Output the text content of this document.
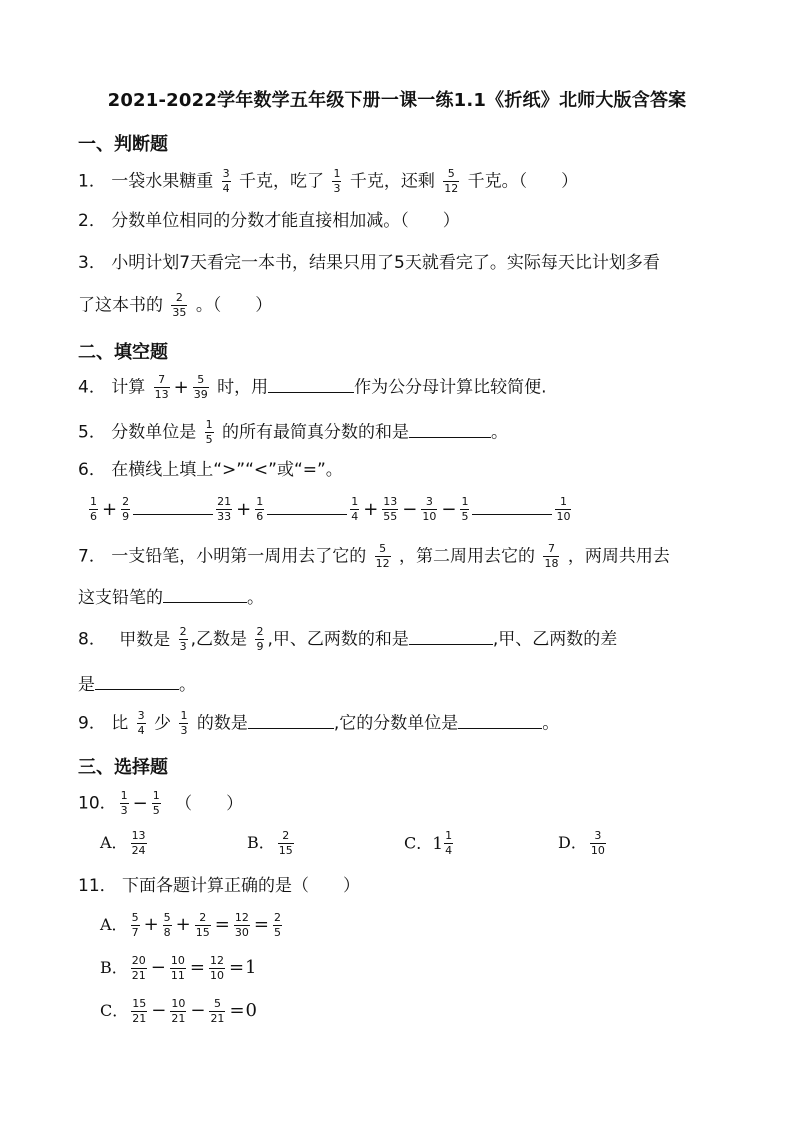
2021-2022学年数学五年级下册一课一练1.1《折纸》北师大版含答案
一、判断题
1． 一袋水果糖重 $\frac{3}{4}$ 千克，吃了 $\frac{1}{3}$ 千克，还剩 $\frac{5}{12}$ 千克。（　　）
2． 分数单位相同的分数才能直接相加减。（　　）
3． 小明计划7天看完一本书，结果只用了5天就看完了。实际每天比计划多看
了这本书的 $\frac{2}{35}$ 。（　　）
二、填空题
4． 计算 $\frac{7}{13} + \frac{5}{39}$ 时，用	作为公分母计算比较简便.
5． 分数单位是 $\frac{1}{5}$ 的所有最简真分数的和是	。
6． 在横线上填上“>”“<”或“=”。
$\frac{1}{6} + \frac{2}{9}$	$\frac{21}{33} + \frac{1}{6}$	$\frac{1}{4} + \frac{13}{55} - \frac{3}{10} - \frac{1}{5}$	$\frac{1}{10}$
7． 一支铅笔，小明第一周用去了它的 $\frac{5}{12}$ ，第二周用去它的 $\frac{7}{18}$ ，两周共用去
这支铅笔的	。
8． 甲数是 $\frac{2}{3}$ ,乙数是 $\frac{2}{9}$ ,甲、乙两数的和是	,甲、乙两数的差
是	。
9． 比 $\frac{3}{4}$ 少 $\frac{1}{3}$ 的数是	,它的分数单位是	。
三、选择题
10． $\frac{1}{3} - \frac{1}{5}$ （　　）
A． $\frac{13}{24}$	B． $\frac{2}{15}$	C． $1 \frac{1}{4}$	D． $\frac{3}{10}$
11． 下面各题计算正确的是（　　）
A． $\frac{5}{7} + \frac{5}{8} + \frac{2}{15} = \frac{12}{30} = \frac{2}{5}$
B． $\frac{20}{21} - \frac{10}{11} = \frac{12}{10} =1$
C． $\frac{15}{21} - \frac{10}{21} - \frac{5}{21} =0$
